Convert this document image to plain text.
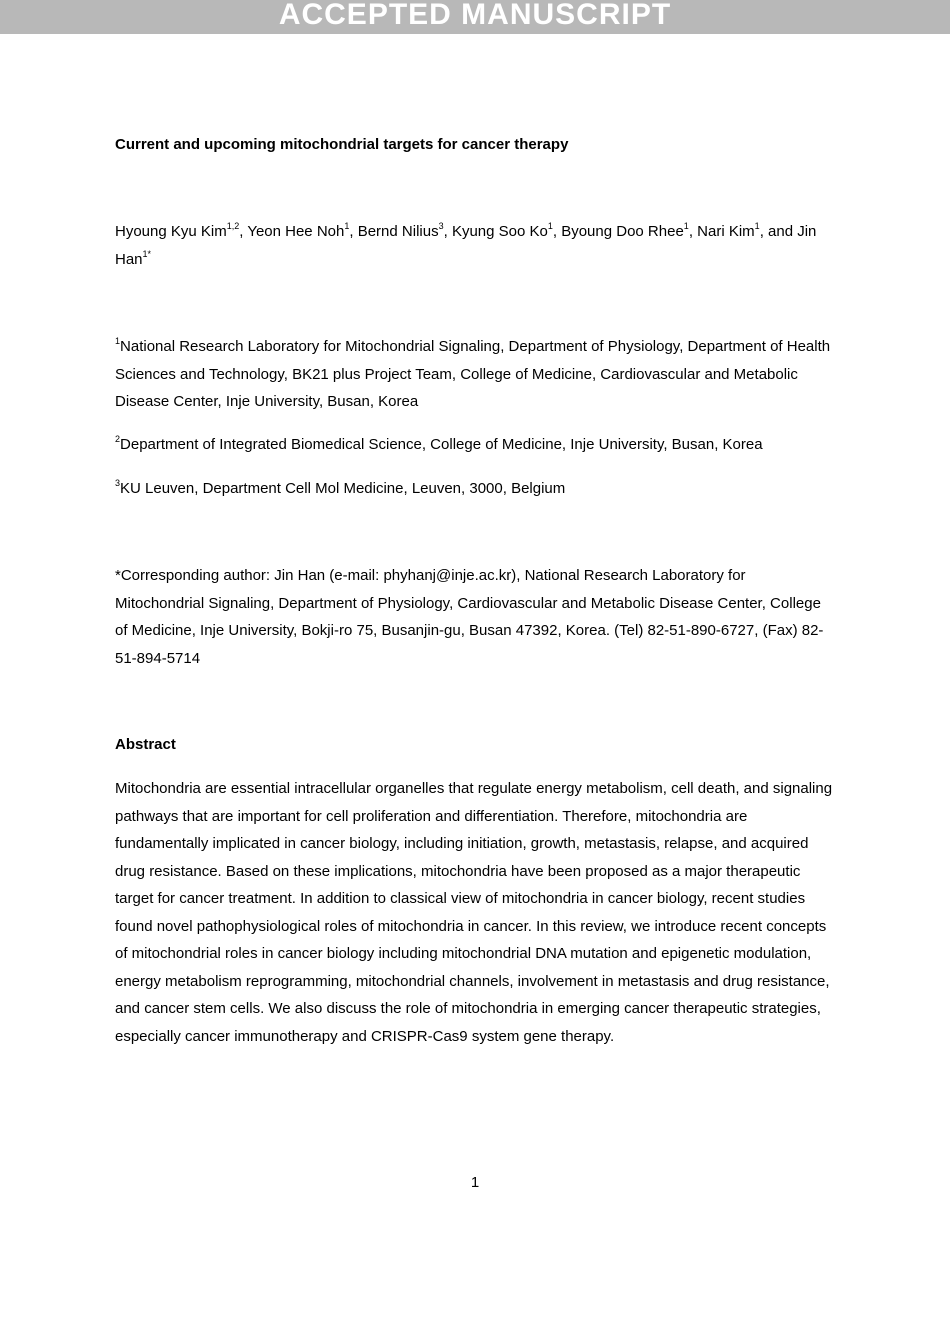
ACCEPTED MANUSCRIPT
Current and upcoming mitochondrial targets for cancer therapy
Hyoung Kyu Kim$^{1,2}$, Yeon Hee Noh$^1$, Bernd Nilius$^3$, Kyung Soo Ko$^1$, Byoung Doo Rhee$^1$, Nari Kim$^1$, and Jin Han$^{1*}$
$^1$National Research Laboratory for Mitochondrial Signaling, Department of Physiology, Department of Health Sciences and Technology, BK21 plus Project Team, College of Medicine, Cardiovascular and Metabolic Disease Center, Inje University, Busan, Korea
$^2$Department of Integrated Biomedical Science, College of Medicine, Inje University, Busan, Korea
$^3$KU Leuven, Department Cell Mol Medicine, Leuven, 3000, Belgium
*Corresponding author: Jin Han (e-mail: phyhanj@inje.ac.kr), National Research Laboratory for Mitochondrial Signaling, Department of Physiology, Cardiovascular and Metabolic Disease Center, College of Medicine, Inje University, Bokji-ro 75, Busanjin-gu, Busan 47392, Korea. (Tel) 82-51-890-6727, (Fax) 82-51-894-5714
Abstract
Mitochondria are essential intracellular organelles that regulate energy metabolism, cell death, and signaling pathways that are important for cell proliferation and differentiation. Therefore, mitochondria are fundamentally implicated in cancer biology, including initiation, growth, metastasis, relapse, and acquired drug resistance. Based on these implications, mitochondria have been proposed as a major therapeutic target for cancer treatment. In addition to classical view of mitochondria in cancer biology, recent studies found novel pathophysiological roles of mitochondria in cancer. In this review, we introduce recent concepts of mitochondrial roles in cancer biology including mitochondrial DNA mutation and epigenetic modulation, energy metabolism reprogramming, mitochondrial channels, involvement in metastasis and drug resistance, and cancer stem cells. We also discuss the role of mitochondria in emerging cancer therapeutic strategies, especially cancer immunotherapy and CRISPR-Cas9 system gene therapy.
1
